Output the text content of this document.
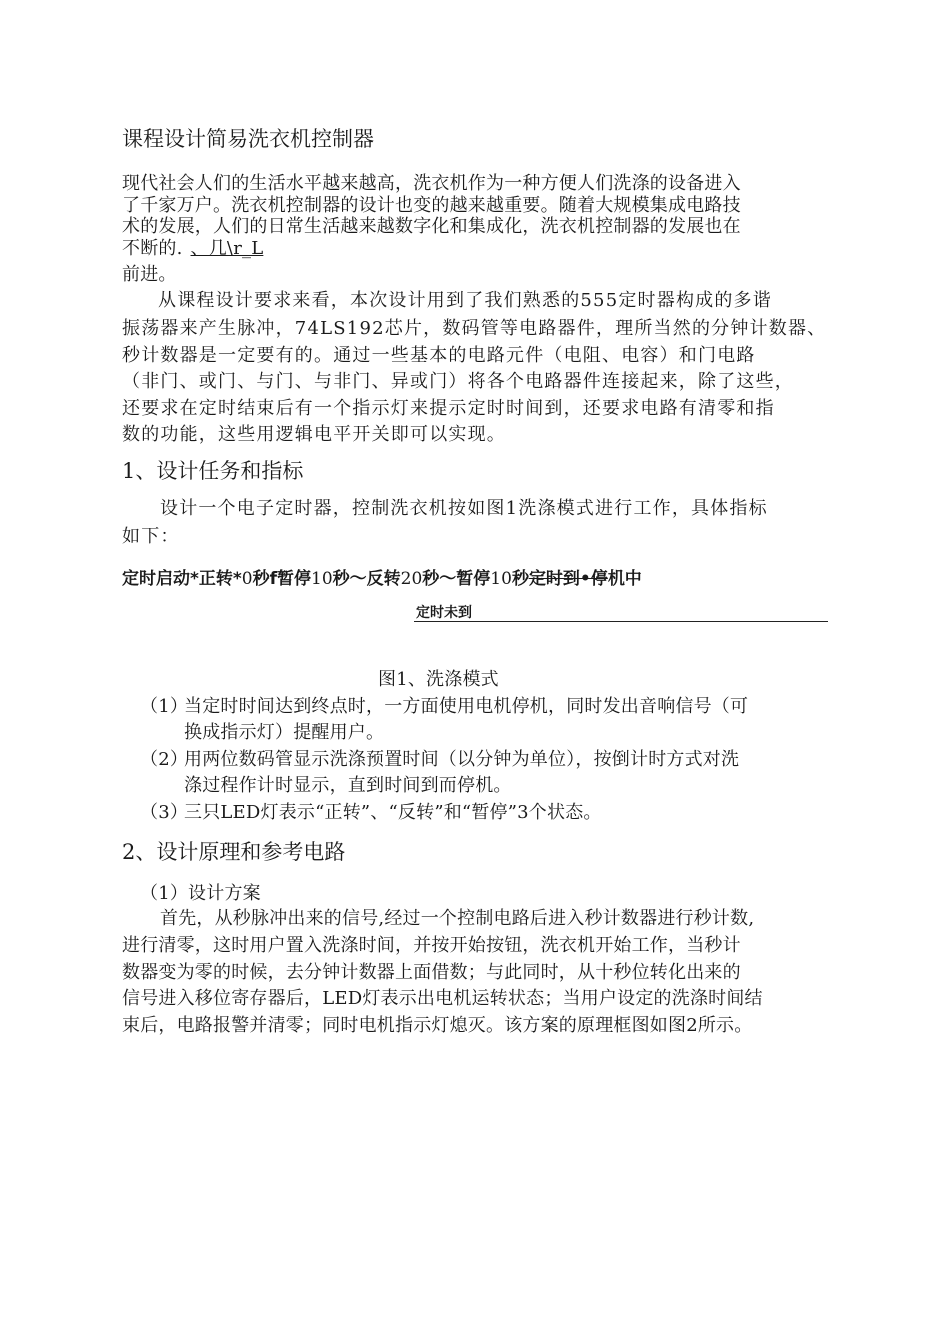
课程设计简易洗衣机控制器
现代社会人们的生活水平越来越高，洗衣机作为一种方便人们洗涤的设备进入
了千家万户。洗衣机控制器的设计也变的越来越重要。随着大规模集成电路技
术的发展，人们的日常生活越来越数字化和集成化，洗衣机控制器的发展也在
不断的. 、几\r_L
前进。
从课程设计要求来看，本次设计用到了我们熟悉的555定时器构成的多谐
振荡器来产生脉冲，74LS192芯片，数码管等电路器件，理所当然的分钟计数器、
秒计数器是一定要有的。通过一些基本的电路元件（电阻、电容）和门电路
（非门、或门、与门、与非门、异或门）将各个电路器件连接起来，除了这些，
还要求在定时结束后有一个指示灯来提示定时时间到，还要求电路有清零和指
数的功能，这些用逻辑电平开关即可以实现。
1、设计任务和指标
设计一个电子定时器，控制洗衣机按如图1洗涤模式进行工作，具体指标
如下：
定时启动*正转*0秒f暂停10秒〜反转20秒〜暂停10秒定时到•停机中
定时未到
图1、洗涤模式
（1）
当定时时间达到终点时，一方面使用电机停机，同时发出音响信号（可
换成指示灯）提醒用户。
（2）
用两位数码管显示洗涤预置时间（以分钟为单位），按倒计时方式对洗
涤过程作计时显示，直到时间到而停机。
（3）
三只LED灯表示“正转”、“反转”和“暂停”3个状态。
2、设计原理和参考电路
（1）设计方案
首先，从秒脉冲出来的信号,经过一个控制电路后进入秒计数器进行秒计数,
进行清零，这时用户置入洗涤时间，并按开始按钮，洗衣机开始工作，当秒计
数器变为零的时候，去分钟计数器上面借数；与此同时，从十秒位转化出来的
信号进入移位寄存器后，LED灯表示出电机运转状态；当用户设定的洗涤时间结
束后，电路报警并清零；同时电机指示灯熄灭。该方案的原理框图如图2所示。
